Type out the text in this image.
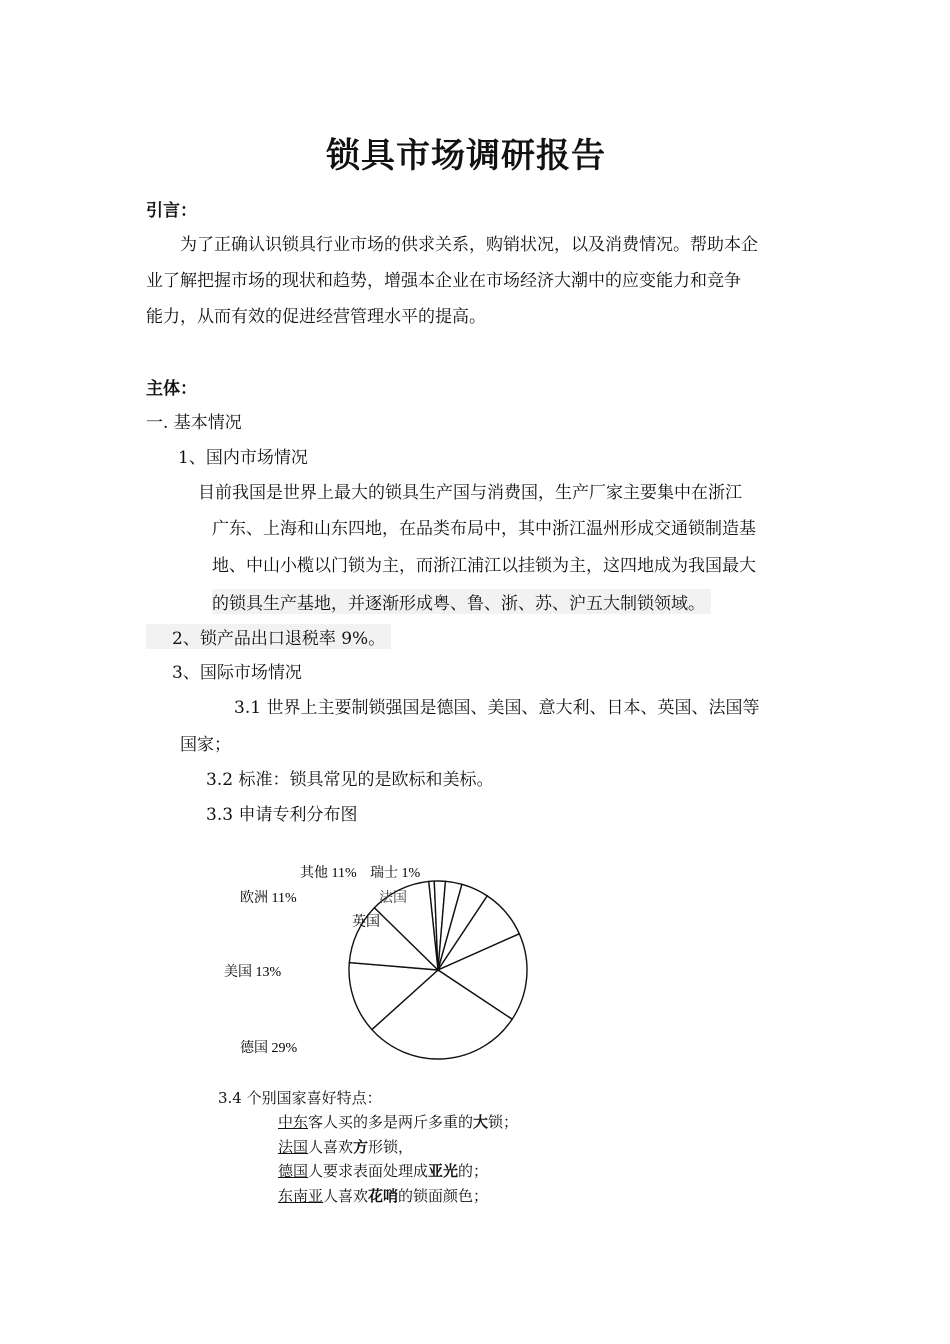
锁具市场调研报告
引言：
为了正确认识锁具行业市场的供求关系，购销状况，以及消费情况。帮助本企
业了解把握市场的现状和趋势，增强本企业在市场经济大潮中的应变能力和竞争
能力，从而有效的促进经营管理水平的提高。
主体：
一. 基本情况
1、国内市场情况
目前我国是世界上最大的锁具生产国与消费国，生产厂家主要集中在浙江
广东、上海和山东四地，在品类布局中，其中浙江温州形成交通锁制造基
地、中山小榄以门锁为主，而浙江浦江以挂锁为主，这四地成为我国最大
的锁具生产基地，并逐渐形成粤、鲁、浙、苏、沪五大制锁领域。
2、锁产品出口退税率 9%。
3、国际市场情况
3.1 世界上主要制锁强国是德国、美国、意大利、日本、英国、法国等
国家；
3.2 标准：锁具常见的是欧标和美标。
3.3 申请专利分布图
其他 11% 瑞士 1%
欧洲 11%	法国
英国
美国 13%
德国 29%
3.4 个别国家喜好特点：
中东客人买的多是两斤多重的大锁；
法国人喜欢方形锁，
德国人要求表面处理成亚光的；
东南亚人喜欢花哨的锁面颜色；
